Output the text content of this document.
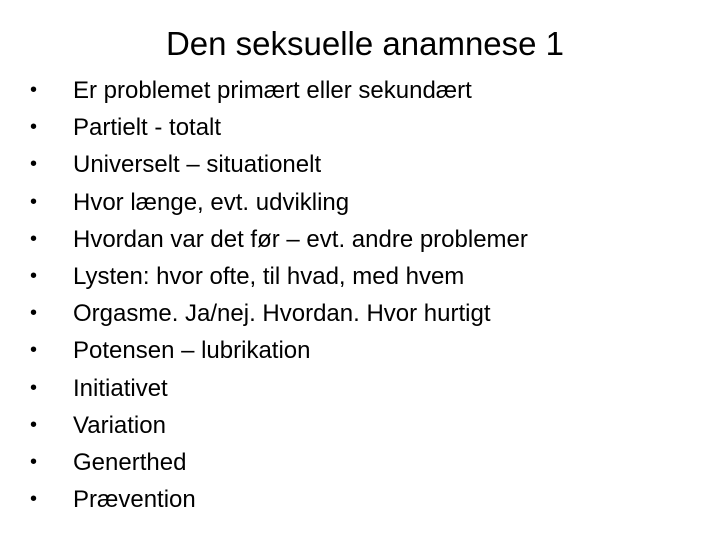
Den seksuelle anamnese 1
•	Er problemet primært eller sekundært
•	Partielt - totalt
•	Universelt – situationelt
•	Hvor længe, evt. udvikling
•	Hvordan var det før – evt. andre problemer
•	Lysten: hvor ofte, til hvad, med hvem
•	Orgasme. Ja/nej. Hvordan. Hvor hurtigt
•	Potensen – lubrikation
•	Initiativet
•	Variation
•	Generthed
•	Prævention
